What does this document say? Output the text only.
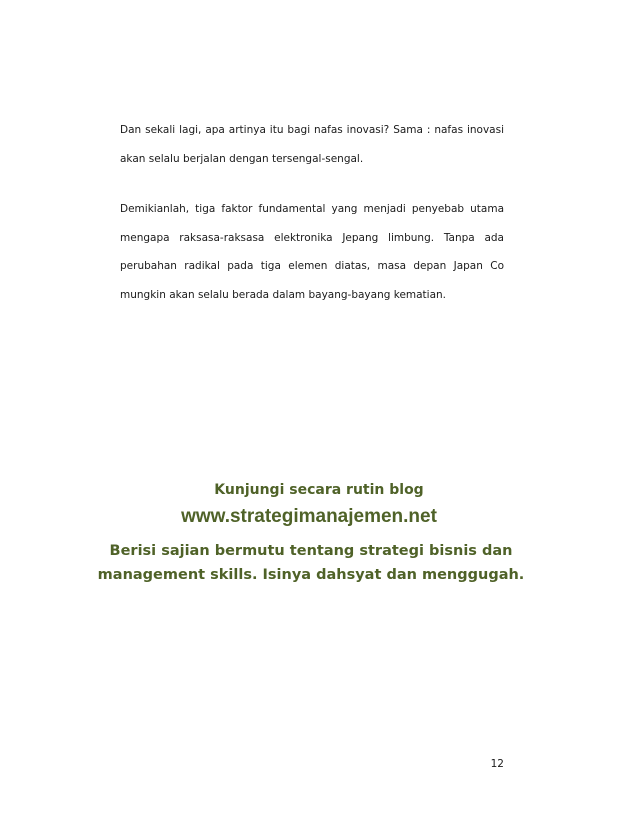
Dan sekali lagi, apa artinya itu bagi nafas inovasi? Sama : nafas inovasi
akan selalu berjalan dengan tersengal-sengal.
Demikianlah, tiga faktor fundamental yang menjadi penyebab utama
mengapa raksasa-raksasa elektronika Jepang limbung. Tanpa ada
perubahan radikal pada tiga elemen diatas, masa depan Japan Co
mungkin akan selalu berada dalam bayang-bayang kematian.

Kunjungi secara rutin blog

www.strategimanajemen.net

Berisi sajian bermutu tentang strategi bisnis dan
management skills. Isinya dahsyat dan menggugah.
12
